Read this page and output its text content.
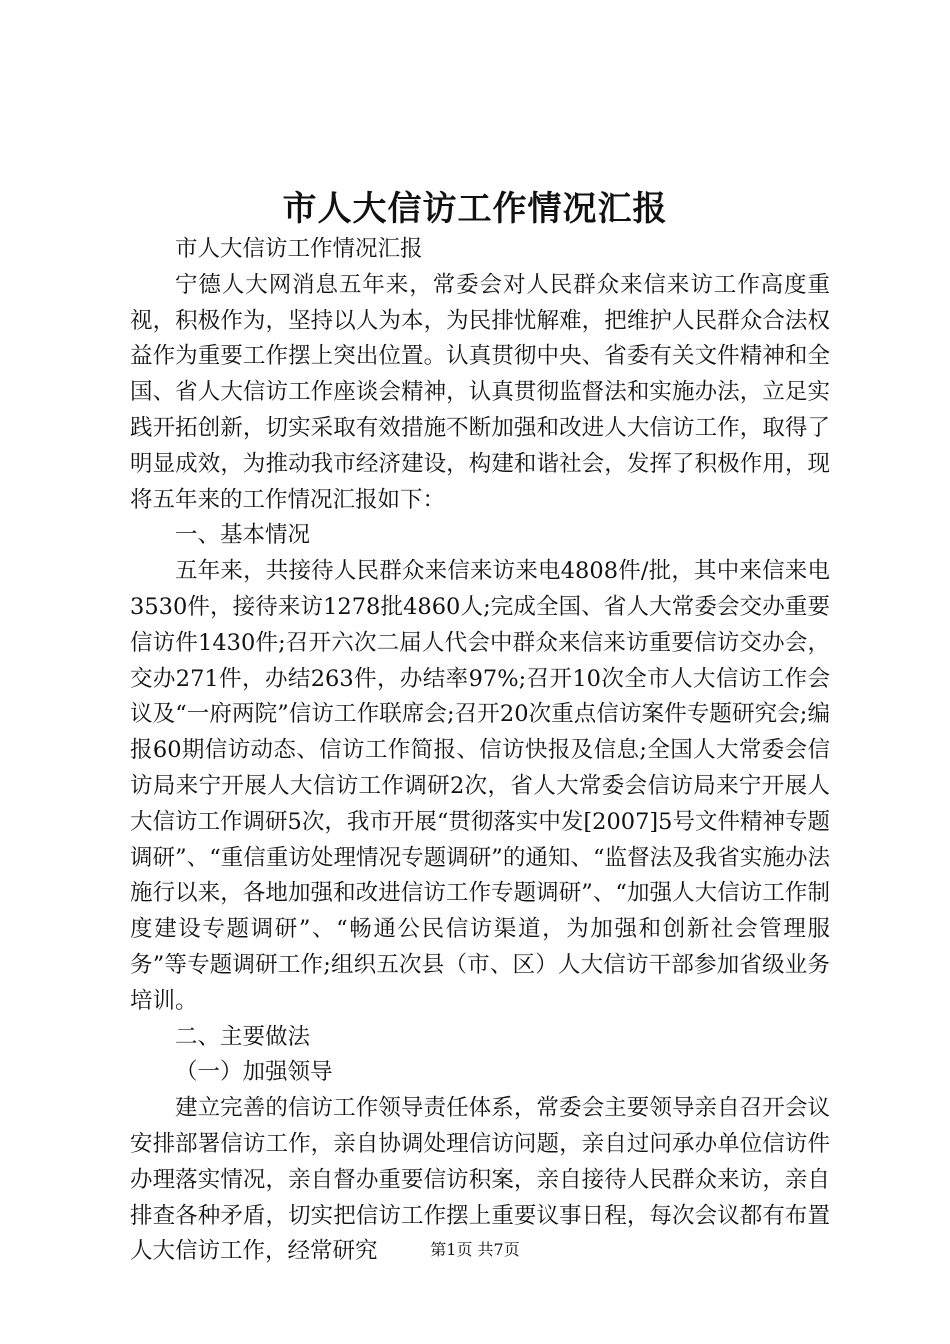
市人大信访工作情况汇报

市人大信访工作情况汇报

宁德人大网消息五年来，常委会对人民群众来信来访工作高度重视，积极作为，坚持以人为本，为民排忧解难，把维护人民群众合法权益作为重要工作摆上突出位置。认真贯彻中央、省委有关文件精神和全国、省人大信访工作座谈会精神，认真贯彻监督法和实施办法，立足实践开拓创新，切实采取有效措施不断加强和改进人大信访工作，取得了明显成效，为推动我市经济建设，构建和谐社会，发挥了积极作用，现将五年来的工作情况汇报如下：

一、基本情况

五年来，共接待人民群众来信来访来电4808件/批，其中来信来电3530件，接待来访1278批4860人;完成全国、省人大常委会交办重要信访件1430件;召开六次二届人代会中群众来信来访重要信访交办会，交办271件，办结263件，办结率97%;召开10次全市人大信访工作会议及“一府两院”信访工作联席会;召开20次重点信访案件专题研究会;编报60期信访动态、信访工作简报、信访快报及信息;全国人大常委会信访局来宁开展人大信访工作调研2次，省人大常委会信访局来宁开展人大信访工作调研5次，我市开展“贯彻落实中发[2007]5号文件精神专题调研”、“重信重访处理情况专题调研”的通知、“监督法及我省实施办法施行以来，各地加强和改进信访工作专题调研”、“加强人大信访工作制度建设专题调研”、“畅通公民信访渠道，为加强和创新社会管理服务”等专题调研工作;组织五次县（市、区）人大信访干部参加省级业务培训。

二、主要做法

（一）加强领导

建立完善的信访工作领导责任体系，常委会主要领导亲自召开会议安排部署信访工作，亲自协调处理信访问题，亲自过问承办单位信访件办理落实情况，亲自督办重要信访积案，亲自接待人民群众来访，亲自排查各种矛盾，切实把信访工作摆上重要议事日程，每次会议都有布置人大信访工作，经常研究	第1页 共7页
